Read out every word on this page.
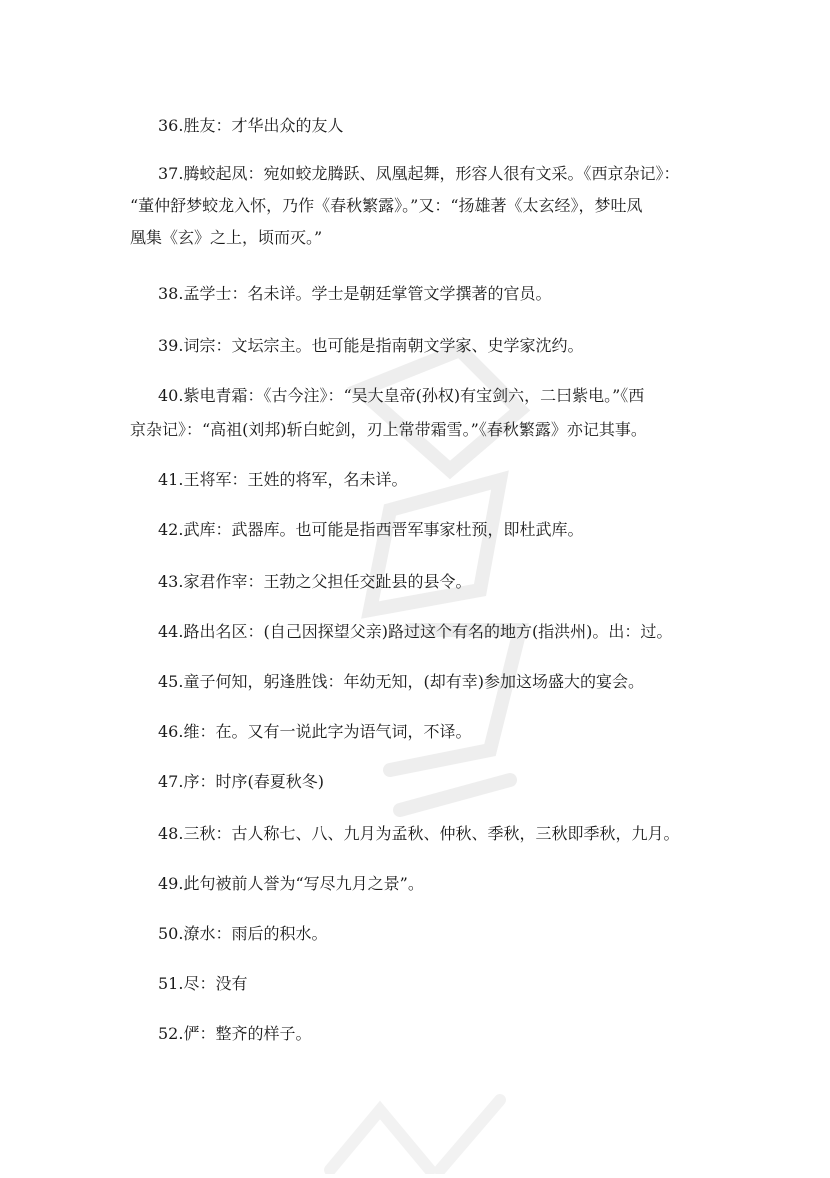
36.胜友：才华出众的友人

37.腾蛟起凤：宛如蛟龙腾跃、凤凰起舞，形容人很有文采。《西京杂记》：

“董仲舒梦蛟龙入怀，乃作《春秋繁露》。”又：“扬雄著《太玄经》，梦吐凤

凰集《玄》之上，顷而灭。”

38.孟学士：名未详。学士是朝廷掌管文学撰著的官员。

39.词宗：文坛宗主。也可能是指南朝文学家、史学家沈约。

40.紫电青霜：《古今注》：“吴大皇帝(孙权)有宝剑六，二曰紫电。”《西

京杂记》：“高祖(刘邦)斩白蛇剑，刃上常带霜雪。”《春秋繁露》亦记其事。

41.王将军：王姓的将军，名未详。

42.武库：武器库。也可能是指西晋军事家杜预，即杜武库。

43.家君作宰：王勃之父担任交趾县的县令。

44.路出名区：(自己因探望父亲)路过这个有名的地方(指洪州)。出：过。

45.童子何知，躬逢胜饯：年幼无知，(却有幸)参加这场盛大的宴会。

46.维：在。又有一说此字为语气词，不译。

47.序：时序(春夏秋冬)

48.三秋：古人称七、八、九月为孟秋、仲秋、季秋，三秋即季秋，九月。

49.此句被前人誉为“写尽九月之景”。

50.潦水：雨后的积水。

51.尽：没有

52.俨：整齐的样子。
